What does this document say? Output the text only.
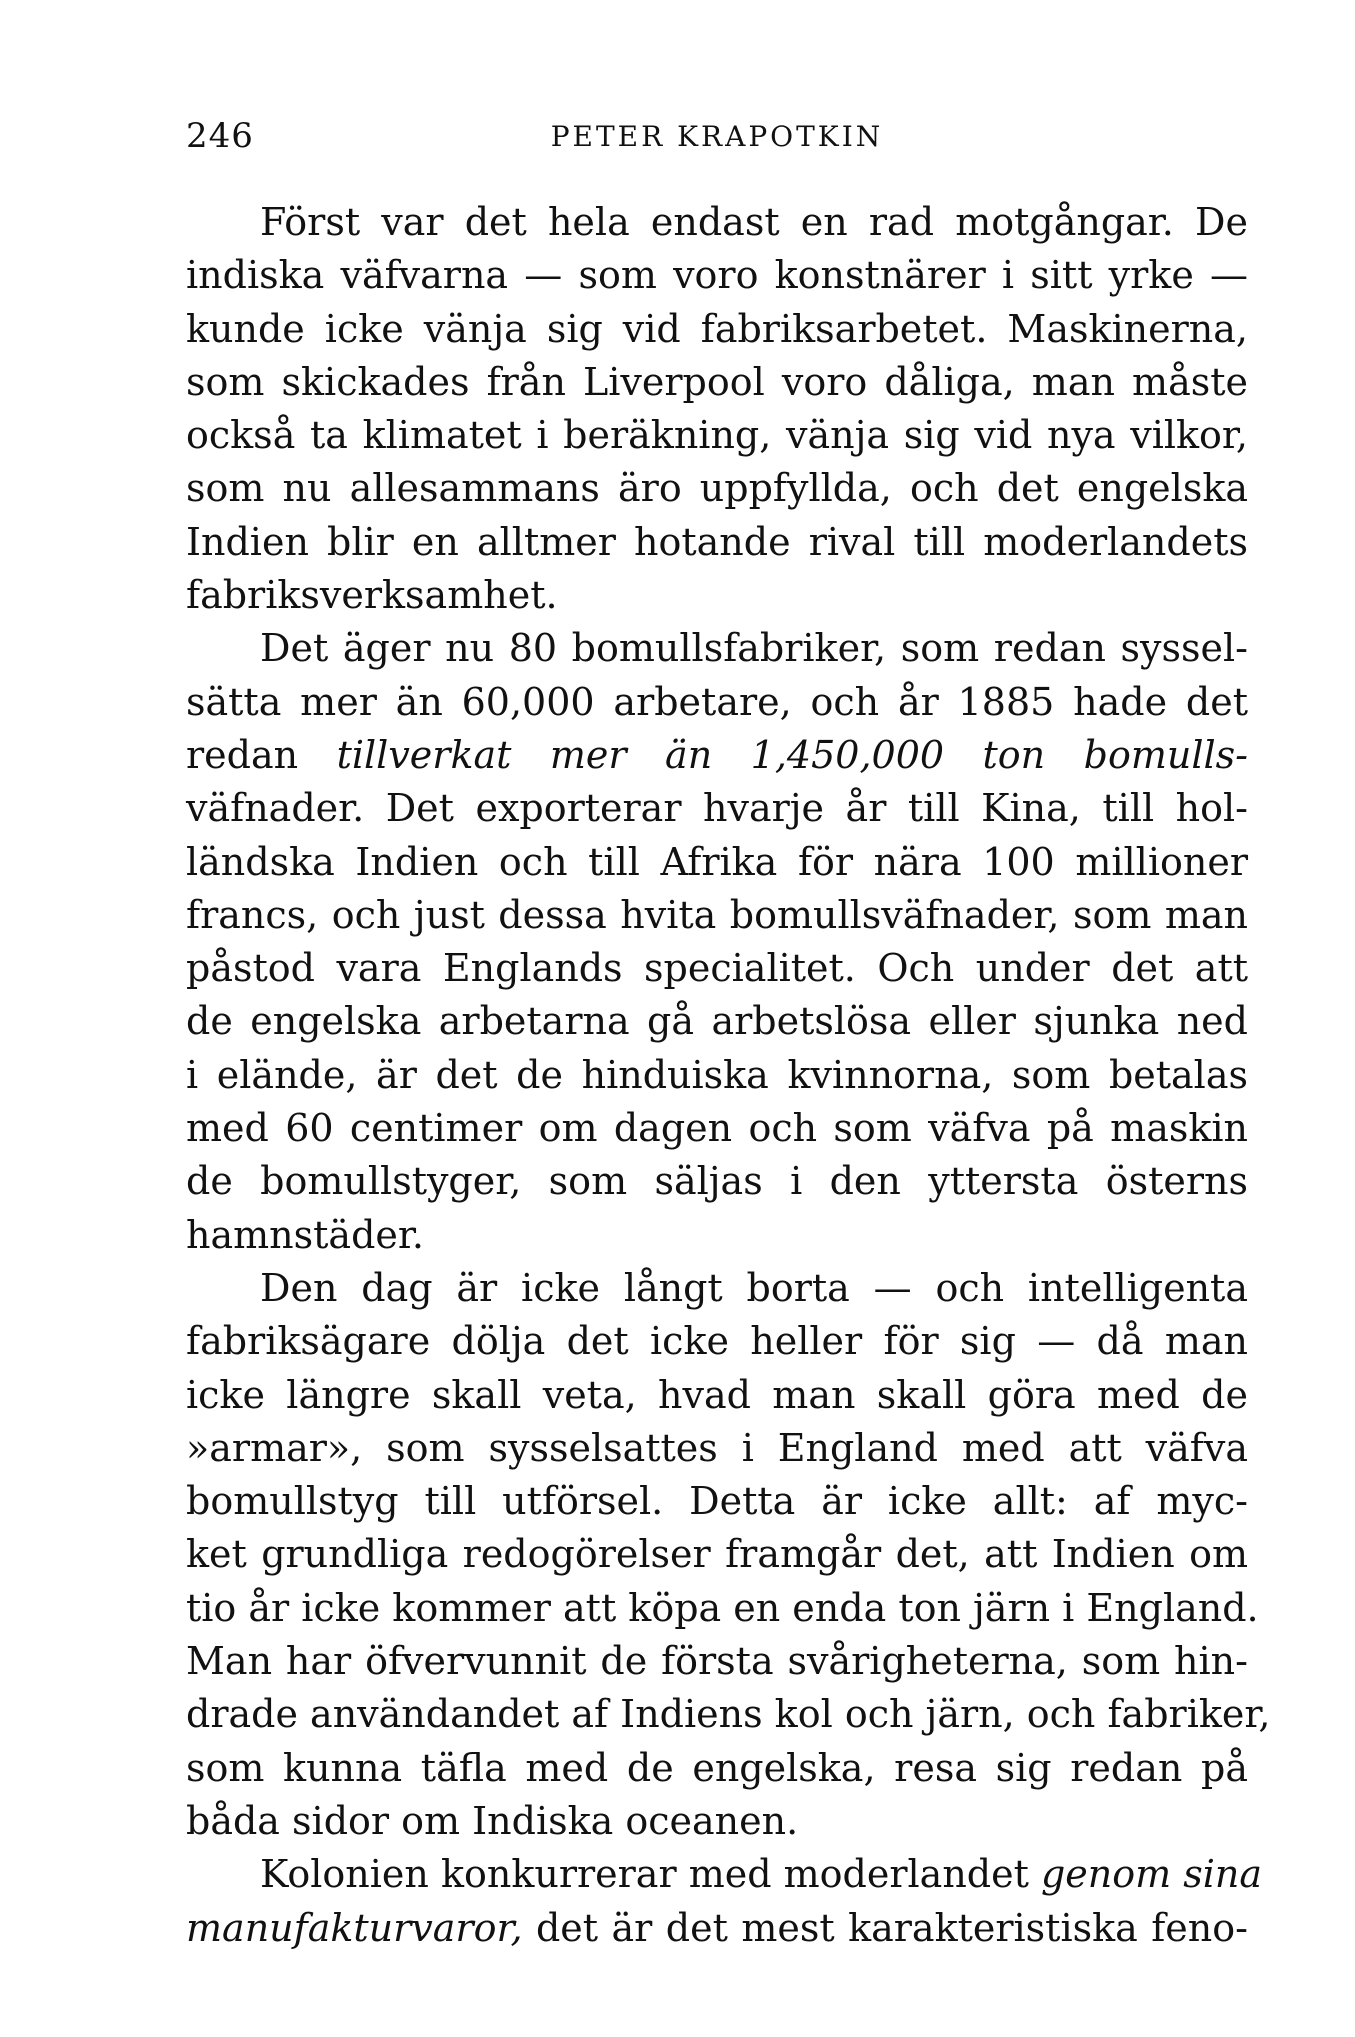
246	PETER KRAPOTKIN
Först var det hela endast en rad motgångar. De
indiska väfvarna — som voro konstnärer i sitt yrke —
kunde icke vänja sig vid fabriksarbetet. Maskinerna,
som skickades från Liverpool voro dåliga, man måste
också ta klimatet i beräkning, vänja sig vid nya vilkor,
som nu allesammans äro uppfyllda, och det engelska
Indien blir en alltmer hotande rival till moderlandets
fabriksverksamhet.
Det äger nu 80 bomullsfabriker, som redan syssel-
sätta mer än 60,000 arbetare, och år 1885 hade det
redan tillverkat mer än 1,450,000 ton bomulls-
väfnader. Det exporterar hvarje år till Kina, till hol-
ländska Indien och till Afrika för nära 100 millioner
francs, och just dessa hvita bomullsväfnader, som man
påstod vara Englands specialitet. Och under det att
de engelska arbetarna gå arbetslösa eller sjunka ned
i elände, är det de hinduiska kvinnorna, som betalas
med 60 centimer om dagen och som väfva på maskin
de bomullstyger, som säljas i den yttersta österns
hamnstäder.
Den dag är icke långt borta — och intelligenta
fabriksägare dölja det icke heller för sig — då man
icke längre skall veta, hvad man skall göra med de
»armar», som sysselsattes i England med att väfva
bomullstyg till utförsel. Detta är icke allt: af myc-
ket grundliga redogörelser framgår det, att Indien om
tio år icke kommer att köpa en enda ton järn i England.
Man har öfvervunnit de första svårigheterna, som hin-
drade användandet af Indiens kol och järn, och fabriker,
som kunna täfla med de engelska, resa sig redan på
båda sidor om Indiska oceanen.
Kolonien konkurrerar med moderlandet genom sina
manufakturvaror, det är det mest karakteristiska feno-
